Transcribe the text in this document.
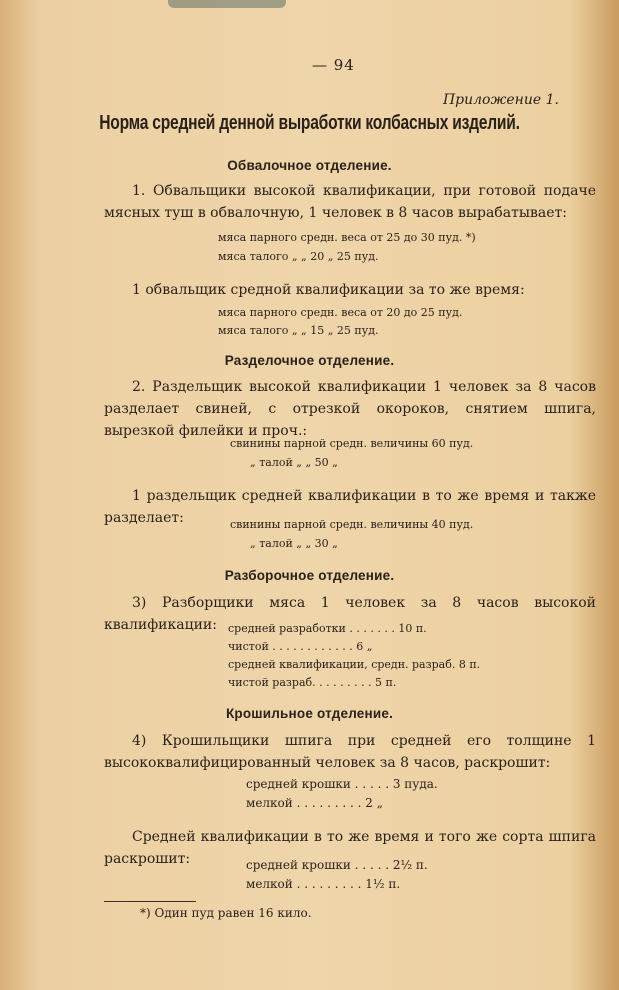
— 94
Приложение 1.
Норма средней денной выработки колбасных изделий.
Обвалочное отделение.
1. Обвальщики высокой квалификации, при готовой подаче мясных туш в обвалочную, 1 человек в 8 часов вырабатывает:
мяса парного средн. веса от 25 до 30 пуд. *)
мяса талого „ „ 20 „ 25 пуд.
1 обвальщик средной квалификации за то же время:
мяса парного средн. веса от 20 до 25 пуд.
мяса талого „ „ 15 „ 25 пуд.
Разделочное отделение.
2. Раздельщик высокой квалификации 1 человек за 8 часов разделает свиней, с отрезкой окороков, снятием шпига, вырезкой филейки и проч.:
свинины парной средн. величины 60 пуд.
„ талой „ „ 50 „
1 раздельщик средней квалификации в то же время и также разделает:	свинины парной средн. величины 40 пуд.
„ талой „ „ 30 „
Разборочное отделение.
3) Разборщики мяса 1 человек за 8 часов высокой квалификации:	средней разработки . . . . . . . 10 п.
чистой . . . . . . . . . . . . 6 „
средней квалификации, средн. разраб. 8 п.
чистой разраб. . . . . . . . . 5 п.
Крошильное отделение.
4) Крошильщики шпига при средней его толщине 1 высококвалифицированный человек за 8 часов, раскрошит:
средней крошки . . . . . 3 пуда.
мелкой . . . . . . . . . 2 „
Средней квалификации в то же время и того же сорта шпига раскрошит:	средней крошки . . . . . 2½ п.
мелкой . . . . . . . . . 1½ п.
*) Один пуд равен 16 кило.
